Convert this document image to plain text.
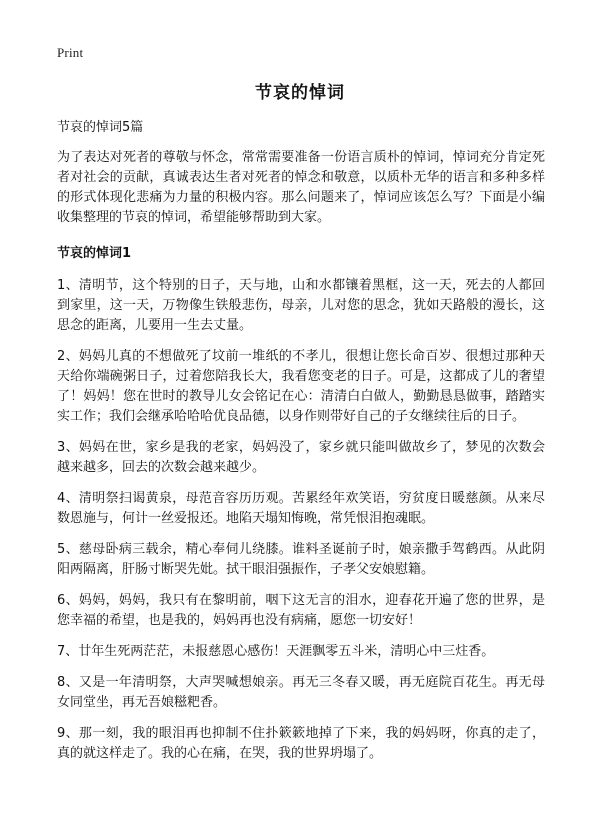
Print
节哀的悼词

节哀的悼词5篇

为了表达对死者的尊敬与怀念，常常需要准备一份语言质朴的悼词，悼词充分肯定死者对社会的贡献，真诚表达生者对死者的悼念和敬意，以质朴无华的语言和多种多样的形式体现化悲痛为力量的积极内容。那么问题来了，悼词应该怎么写？下面是小编收集整理的节哀的悼词，希望能够帮助到大家。

节哀的悼词1

1、清明节，这个特别的日子，天与地，山和水都镶着黑框，这一天，死去的人都回到家里，这一天，万物像生铁般悲伤，母亲，儿对您的思念，犹如天路般的漫长，这思念的距离，儿要用一生去丈量。

2、妈妈儿真的不想做死了坟前一堆纸的不孝儿，很想让您长命百岁、很想过那种天天给你端碗粥日子，过着您陪我长大，我看您变老的日子。可是，这都成了儿的奢望了！妈妈！您在世时的教导儿女会铭记在心：清清白白做人，勤勤恳恳做事，踏踏实实工作；我们会继承哈哈哈优良品德，以身作则带好自己的子女继续往后的日子。

3、妈妈在世，家乡是我的老家，妈妈没了，家乡就只能叫做故乡了，梦见的次数会越来越多，回去的次数会越来越少。

4、清明祭扫谒黄泉，母范音容历历观。苦累经年欢笑语，穷贫度日暖慈颜。从来尽数恩施与，何计一丝爱报还。地陷天塌知悔晚，常凭恨泪抱魂眠。

5、慈母卧病三载余，精心奉伺儿绕膝。谁料圣诞前子时，娘亲撒手驾鹤西。从此阴阳两隔离，肝肠寸断哭先妣。拭干眼泪强振作，子孝父安娘慰籍。

6、妈妈，妈妈，我只有在黎明前，咽下这无言的泪水，迎春花开遍了您的世界，是您幸福的希望，也是我的，妈妈再也没有病痛，愿您一切安好！

7、廿年生死两茫茫，未报慈恩心感伤！天涯飘零五斗米，清明心中三炷香。

8、又是一年清明祭，大声哭喊想娘亲。再无三冬春又暖，再无庭院百花生。再无母女同堂坐，再无吾娘糍粑香。

9、那一刻，我的眼泪再也抑制不住扑簌簌地掉了下来，我的妈妈呀，你真的走了，真的就这样走了。我的心在痛，在哭，我的世界坍塌了。
